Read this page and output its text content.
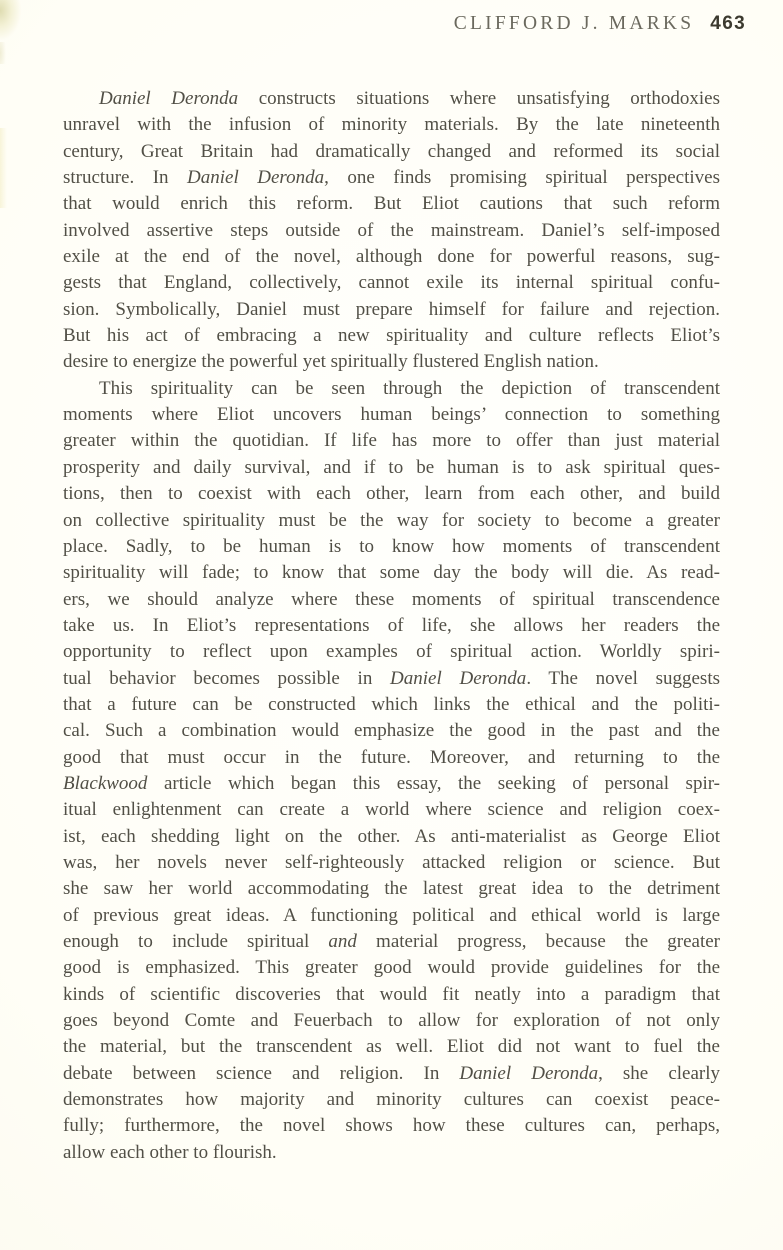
CLIFFORD J. MARKS 463
Daniel Deronda constructs situations where unsatisfying orthodoxies
unravel with the infusion of minority materials. By the late nineteenth
century, Great Britain had dramatically changed and reformed its social
structure. In Daniel Deronda, one finds promising spiritual perspectives
that would enrich this reform. But Eliot cautions that such reform
involved assertive steps outside of the mainstream. Daniel’s self-imposed
exile at the end of the novel, although done for powerful reasons, sug-
gests that England, collectively, cannot exile its internal spiritual confu-
sion. Symbolically, Daniel must prepare himself for failure and rejection.
But his act of embracing a new spirituality and culture reflects Eliot’s
desire to energize the powerful yet spiritually flustered English nation.
This spirituality can be seen through the depiction of transcendent
moments where Eliot uncovers human beings’ connection to something
greater within the quotidian. If life has more to offer than just material
prosperity and daily survival, and if to be human is to ask spiritual ques-
tions, then to coexist with each other, learn from each other, and build
on collective spirituality must be the way for society to become a greater
place. Sadly, to be human is to know how moments of transcendent
spirituality will fade; to know that some day the body will die. As read-
ers, we should analyze where these moments of spiritual transcendence
take us. In Eliot’s representations of life, she allows her readers the
opportunity to reflect upon examples of spiritual action. Worldly spiri-
tual behavior becomes possible in Daniel Deronda. The novel suggests
that a future can be constructed which links the ethical and the politi-
cal. Such a combination would emphasize the good in the past and the
good that must occur in the future. Moreover, and returning to the
Blackwood article which began this essay, the seeking of personal spir-
itual enlightenment can create a world where science and religion coex-
ist, each shedding light on the other. As anti-materialist as George Eliot
was, her novels never self-righteously attacked religion or science. But
she saw her world accommodating the latest great idea to the detriment
of previous great ideas. A functioning political and ethical world is large
enough to include spiritual and material progress, because the greater
good is emphasized. This greater good would provide guidelines for the
kinds of scientific discoveries that would fit neatly into a paradigm that
goes beyond Comte and Feuerbach to allow for exploration of not only
the material, but the transcendent as well. Eliot did not want to fuel the
debate between science and religion. In Daniel Deronda, she clearly
demonstrates how majority and minority cultures can coexist peace-
fully; furthermore, the novel shows how these cultures can, perhaps,
allow each other to flourish.
